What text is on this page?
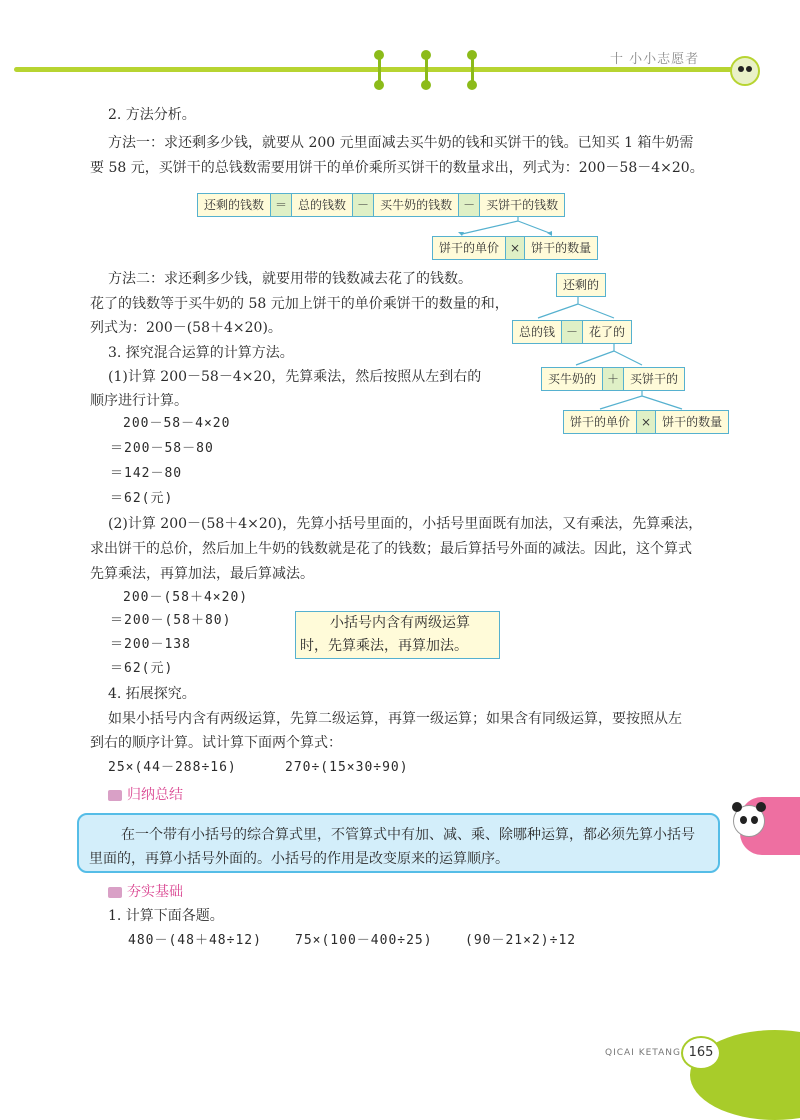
十 小小志愿者
2. 方法分析。
方法一：求还剩多少钱，就要从 200 元里面减去买牛奶的钱和买饼干的钱。已知买 1 箱牛奶需
要 58 元，买饼干的总钱数需要用饼干的单价乘所买饼干的数量求出，列式为：200－58－4×20。
还剩的钱数 ＝ 总的钱数 － 买牛奶的钱数 － 买饼干的钱数
饼干的单价 × 饼干的数量
方法二：求还剩多少钱，就要用带的钱数减去花了的钱数。
花了的钱数等于买牛奶的 58 元加上饼干的单价乘饼干的数量的和，
列式为：200－(58＋4×20)。
还剩的
总的钱 － 花了的
买牛奶的 ＋ 买饼干的
饼干的单价 × 饼干的数量
3. 探究混合运算的计算方法。
(1)计算 200－58－4×20，先算乘法，然后按照从左到右的
顺序进行计算。
200－58－4×20
＝200－58－80
＝142－80
＝62(元)
(2)计算 200－(58＋4×20)，先算小括号里面的，小括号里面既有加法，又有乘法，先算乘法，
求出饼干的总价，然后加上牛奶的钱数就是花了的钱数；最后算括号外面的减法。因此，这个算式
先算乘法，再算加法，最后算减法。
200－(58＋4×20)
＝200－(58＋80)
＝200－138
＝62(元)
小括号内含有两级运算
时，先算乘法，再算加法。
4. 拓展探究。
如果小括号内含有两级运算，先算二级运算，再算一级运算；如果含有同级运算，要按照从左
到右的顺序计算。试计算下面两个算式：
25×(44－288÷16)	270÷(15×30÷90)
归纳总结
在一个带有小括号的综合算式里，不管算式中有加、减、乘、除哪种运算，都必须先算小括号
里面的，再算小括号外面的。小括号的作用是改变原来的运算顺序。
夯实基础
1. 计算下面各题。
480－(48＋48÷12)	75×(100－400÷25) (90－21×2)÷12
QICAI KETANG 165
